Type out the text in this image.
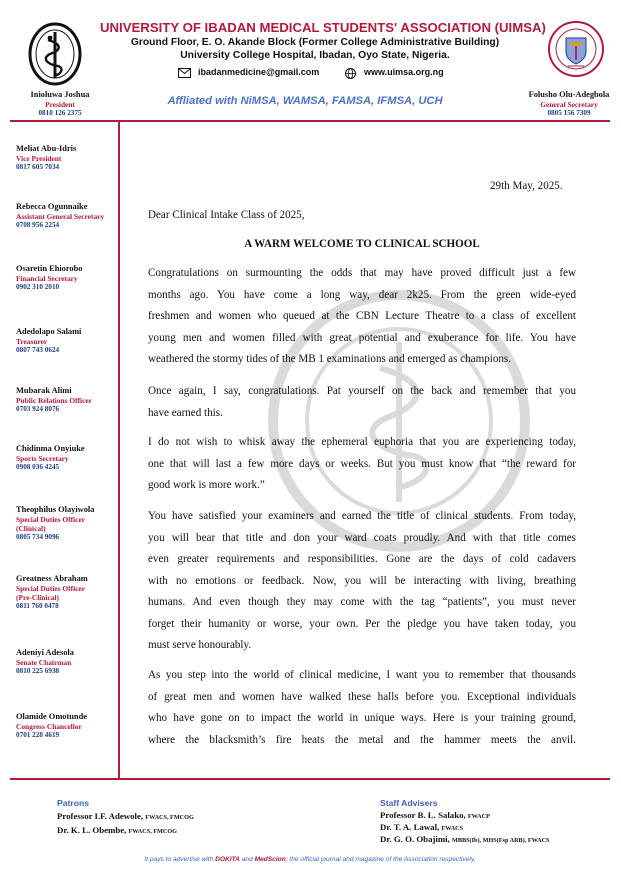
UNIVERSITY OF IBADAN MEDICAL STUDENTS' ASSOCIATION (UIMSA)
Ground Floor, E. O. Akande Block (Former College Administrative Building)
University College Hospital, Ibadan, Oyo State, Nigeria.
ibadanmedicine@gmail.com	www.uimsa.org.ng
Affliated with NiMSA, WAMSA, FAMSA, IFMSA, UCH
Inioluwa Joshua
President
0810 126 2375
Folusho Olu-Adegbola
General Secretary
0805 156 7309
Meliat Abu-Idris
Vice President
0817 605 7034
Rebecca Ogunnaike
Assistant General Secretary
0708 956 2254
Osaretin Ehiorobo
Financial Secretary
0902 310 2010
Adedolapo Salami
Treasurer
0807 743 0624
Mubarak Alimi
Public Relations Officer
0703 924 8076
Chidinma Onyiuke
Sports Secretary
0908 036 4245
Theophilus Olayiwola
Special Duties Officer
(Clinical)
0805 734 9096
Greatness Abraham
Special Duties Officer
(Pre-Clinical)
0811 760 0478
Adeniyi Adesola
Senate Chairman
0810 225 6938
Olamide Omotunde
Congress Chancellor
0701 228 4619
29th May, 2025.
Dear Clinical Intake Class of 2025,
A WARM WELCOME TO CLINICAL SCHOOL
Congratulations on surmounting the odds that may have proved difficult just a few
months ago. You have come a long way, dear 2k25. From the green wide-eyed
freshmen and women who queued at the CBN Lecture Theatre to a class of excellent
young men and women filled with great potential and exuberance for life. You have
weathered the stormy tides of the MB 1 examinations and emerged as champions.
Once again, I say, congratulations. Pat yourself on the back and remember that you
have earned this.
I do not wish to whisk away the ephemeral euphoria that you are experiencing today,
one that will last a few more days or weeks. But you must know that “the reward for
good work is more work.”
You have satisfied your examiners and earned the title of clinical students. From today,
you will bear that title and don your ward coats proudly. And with that title comes
even greater requirements and responsibilities. Gone are the days of cold cadavers
with no emotions or feedback. Now, you will be interacting with living, breathing
humans. And even though they may come with the tag “patients”, you must never
forget their humanity or worse, your own. Per the pledge you have taken today, you
must serve honourably.
As you step into the world of clinical medicine, I want you to remember that thousands
of great men and women have walked these halls before you. Exceptional individuals
who have gone on to impact the world in unique ways. Here is your training ground,
where the blacksmith’s fire heats the metal and the hammer meets the anvil.
Patrons
Professor I.F. Adewole, FWACS, FMCOG
Dr. K. L. Obembe, FWACS, FMCOG
Staff Advisers
Professor B. L. Salako, FWACP
Dr. T. A. Lawal, FWACS
Dr. G. O. Obajimi, MBBS(Ib), MHS(Fsp ARB), FWACS
It pays to advertise with DOKITA and MedScion; the official journal and magazine of the Association respectively.
